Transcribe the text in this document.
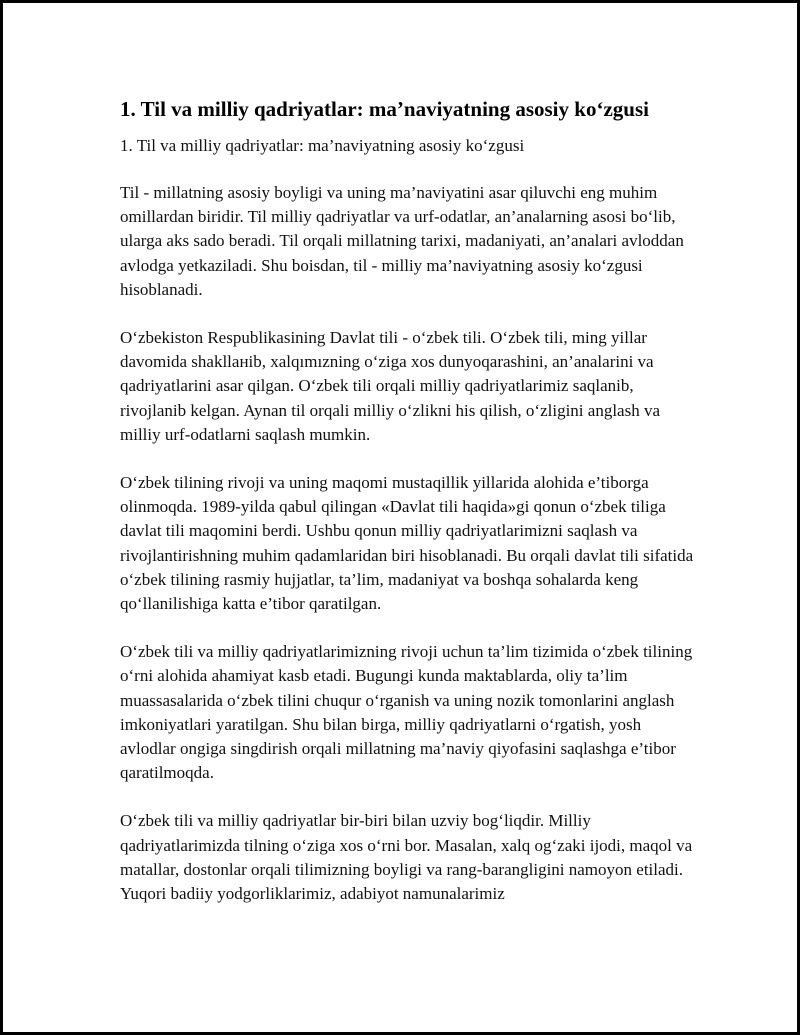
1. Til va milliy qadriyatlar: ma’naviyatning asosiy ko‘zgusi

1. Til va milliy qadriyatlar: ma’naviyatning asosiy ko‘zgusi

Til - millatning asosiy boyligi va uning ma’naviyatini asar qiluvchi eng muhim omillardan biridir. Til milliy qadriyatlar va urf-odatlar, an’analarning asosi bo‘lib, ularga aks sado beradi. Til orqali millatning tarixi, madaniyati, an’analari avloddan avlodga yetkaziladi. Shu boisdan, til - milliy ma’naviyatning asosiy ko‘zgusi hisoblanadi.

O‘zbekiston Respublikasining Davlat tili - o‘zbek tili. O‘zbek tili, ming yillar davomida shakllанib, xalqımızning o‘ziga xos dunyoqarashini, an’analarini va qadriyatlarini asar qilgan. O‘zbek tili orqali milliy qadriyatlarimiz saqlanib, rivojlanib kelgan. Aynan til orqali milliy o‘zlikni his qilish, o‘zligini anglash va milliy urf-odatlarni saqlash mumkin.

O‘zbek tilining rivoji va uning maqomi mustaqillik yillarida alohida e’tiborga olinmoqda. 1989-yilda qabul qilingan «Davlat tili haqida»gi qonun o‘zbek tiliga davlat tili maqomini berdi. Ushbu qonun milliy qadriyatlarimizni saqlash va rivojlantirishning muhim qadamlaridan biri hisoblanadi. Bu orqali davlat tili sifatida o‘zbek tilining rasmiy hujjatlar, ta’lim, madaniyat va boshqa sohalarda keng qo‘llanilishiga katta e’tibor qaratilgan.

O‘zbek tili va milliy qadriyatlarimizning rivoji uchun ta’lim tizimida o‘zbek tilining o‘rni alohida ahamiyat kasb etadi. Bugungi kunda maktablarda, oliy ta’lim muassasalarida o‘zbek tilini chuqur o‘rganish va uning nozik tomonlarini anglash imkoniyatlari yaratilgan. Shu bilan birga, milliy qadriyatlarni o‘rgatish, yosh avlodlar ongiga singdirish orqali millatning ma’naviy qiyofasini saqlashga e’tibor qaratilmoqda.

O‘zbek tili va milliy qadriyatlar bir-biri bilan uzviy bog‘liqdir. Milliy qadriyatlarimizda tilning o‘ziga xos o‘rni bor. Masalan, xalq og‘zaki ijodi, maqol va matallar, dostonlar orqali tilimizning boyligi va rang-barangligini namoyon etiladi. Yuqori badiiy yodgorliklarimiz, adabiyot namunalarimiz
